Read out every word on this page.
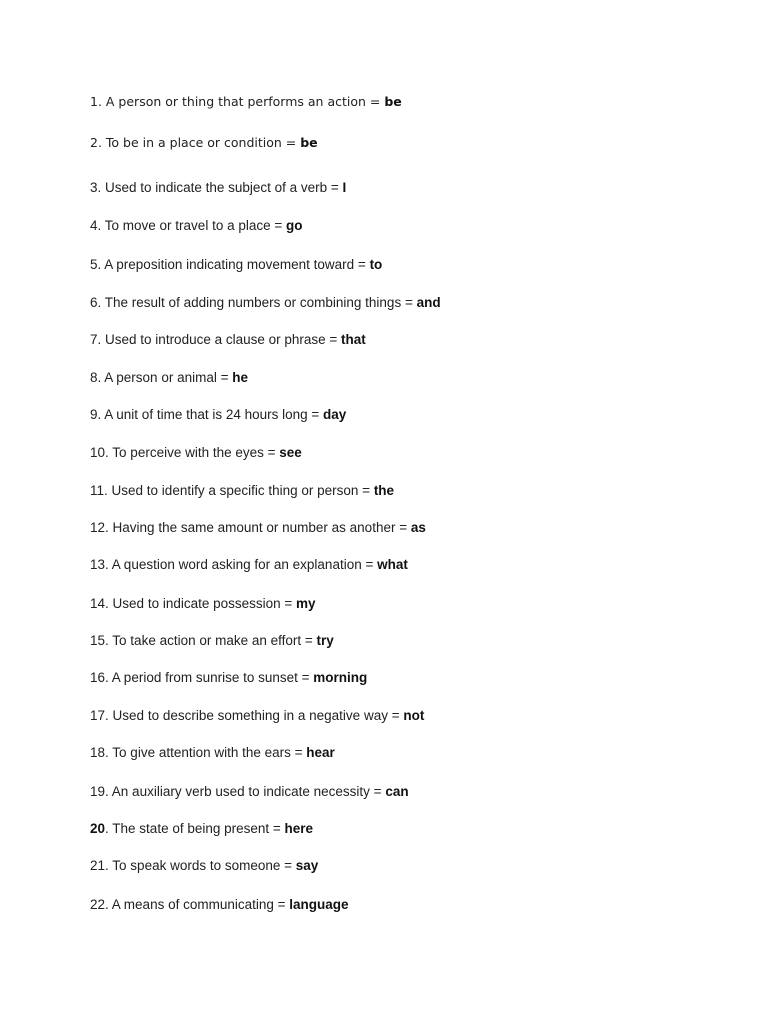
1. A person or thing that performs an action = be
2. To be in a place or condition = be
3. Used to indicate the subject of a verb = I
4. To move or travel to a place = go
5. A preposition indicating movement toward = to
6. The result of adding numbers or combining things = and
7. Used to introduce a clause or phrase = that
8. A person or animal = he
9. A unit of time that is 24 hours long = day
10. To perceive with the eyes = see
11. Used to identify a specific thing or person = the
12. Having the same amount or number as another = as
13. A question word asking for an explanation = what
14. Used to indicate possession = my
15. To take action or make an effort = try
16. A period from sunrise to sunset = morning
17. Used to describe something in a negative way = not
18. To give attention with the ears = hear
19. An auxiliary verb used to indicate necessity = can
20. The state of being present = here
21. To speak words to someone = say
22. A means of communicating = language
